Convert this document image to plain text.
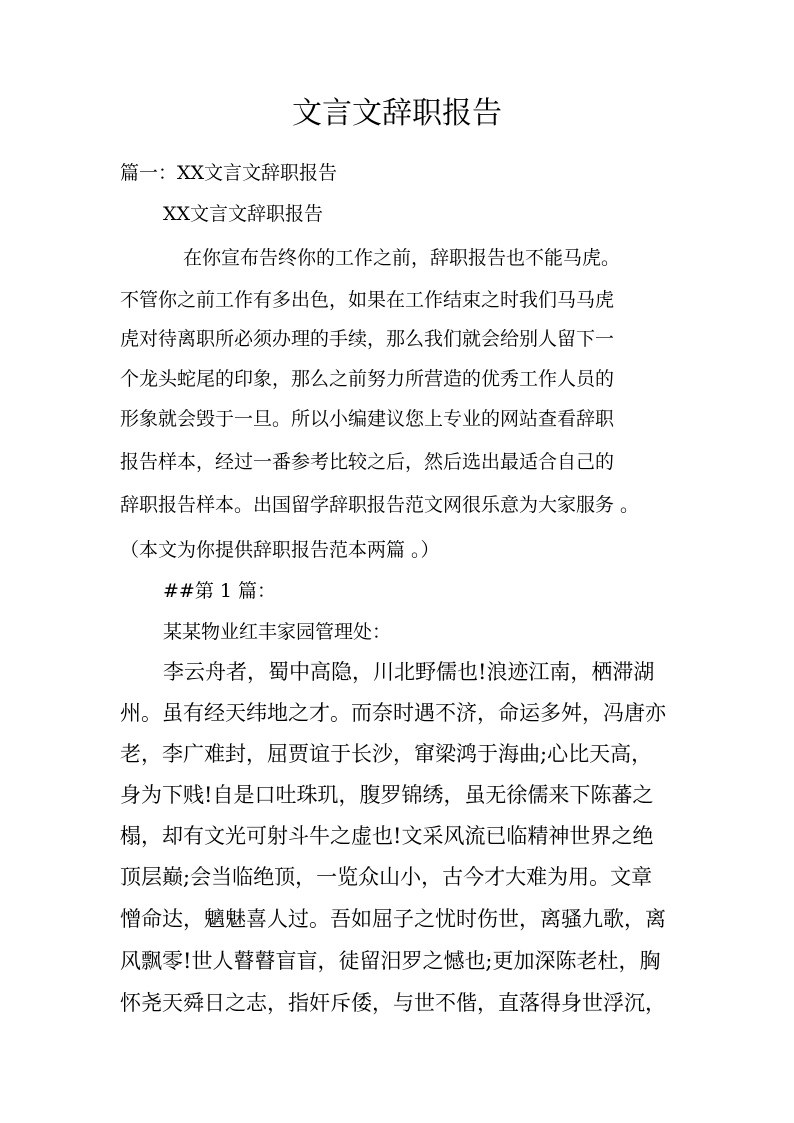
文言文辞职报告
篇一：XX文言文辞职报告
XX文言文辞职报告
在你宣布告终你的工作之前，辞职报告也不能马虎。
不管你之前工作有多出色，如果在工作结束之时我们马马虎
虎对待离职所必须办理的手续，那么我们就会给别人留下一
个龙头蛇尾的印象，那么之前努力所营造的优秀工作人员的
形象就会毁于一旦。所以小编建议您上专业的网站查看辞职
报告样本，经过一番参考比较之后，然后选出最适合自己的
辞职报告样本。出国留学辞职报告范文网很乐意为大家服务 。
（本文为你提供辞职报告范本两篇 。）
##第 1 篇：
某某物业红丰家园管理处：
李云舟者，蜀中高隐，川北野儒也!浪迹江南，栖滞湖
州。虽有经天纬地之才。而奈时遇不济，命运多舛，冯唐亦
老，李广难封，屈贾谊于长沙，窜梁鸿于海曲;心比天高，
身为下贱!自是口吐珠玑，腹罗锦绣，虽无徐儒来下陈蕃之
榻，却有文光可射斗牛之虚也!文采风流已临精神世界之绝
顶层巅;会当临绝顶，一览众山小，古今才大难为用。文章
憎命达，魑魅喜人过。吾如屈子之忧时伤世，离骚九歌，离
风飘零!世人瞽瞽盲盲，徒留汨罗之憾也;更加深陈老杜，胸
怀尧天舜日之志，指奸斥倭，与世不偕，直落得身世浮沉，
